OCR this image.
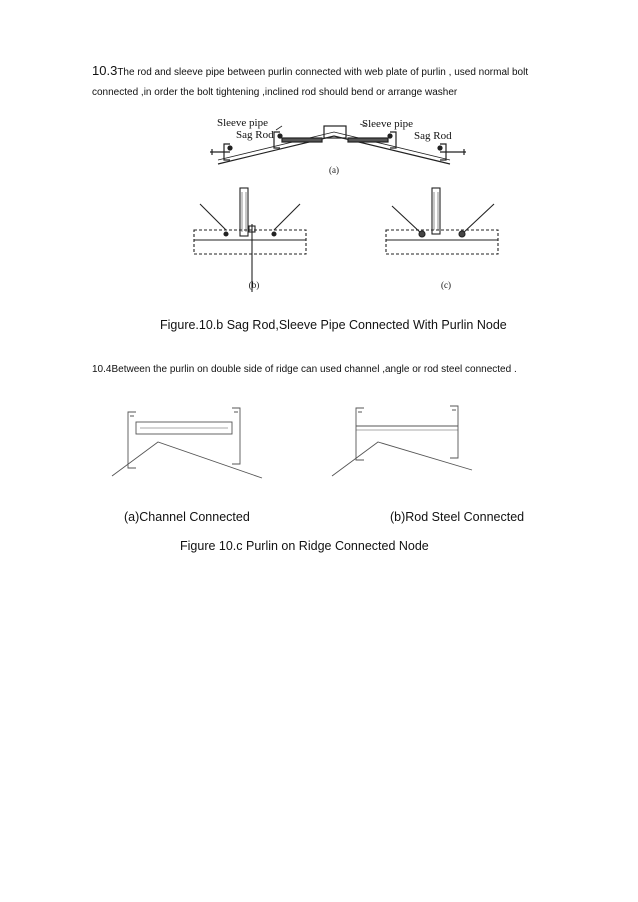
10.3The rod and sleeve pipe between purlin connected with web plate of purlin , used normal bolt connected ,in order the bolt tightening ,inclined rod should bend or arrange washer
Sleeve pipe	Sleeve pipe
Sag Rod	Sag Rod
(a)
(b)	(c)
Figure.10.b Sag Rod,Sleeve Pipe Connected With Purlin Node
10.4Between the purlin on double side of ridge can used channel ,angle or rod steel connected .
(a)Channel Connected	(b)Rod Steel Connected
Figure 10.c Purlin on Ridge Connected Node
